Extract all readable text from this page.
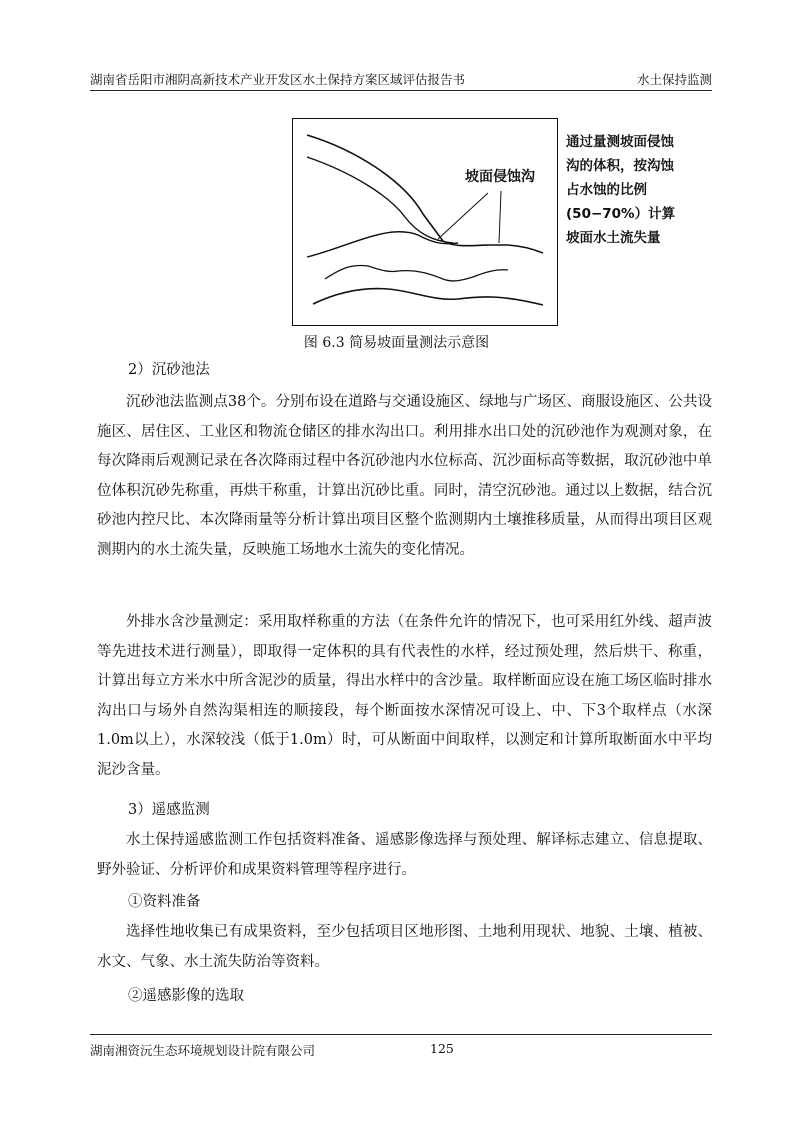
湖南省岳阳市湘阴高新技术产业开发区水土保持方案区域评估报告书	水土保持监测
坡面侵蚀沟
通过量测坡面侵蚀沟的体积，按沟蚀占水蚀的比例(50−70%）计算坡面水土流失量
图 6.3 简易坡面量测法示意图
2）沉砂池法
沉砂池法监测点38个。分别布设在道路与交通设施区、绿地与广场区、商服设施区、公共设施区、居住区、工业区和物流仓储区的排水沟出口。利用排水出口处的沉砂池作为观测对象，在每次降雨后观测记录在各次降雨过程中各沉砂池内水位标高、沉沙面标高等数据，取沉砂池中单位体积沉砂先称重，再烘干称重，计算出沉砂比重。同时，清空沉砂池。通过以上数据，结合沉砂池内控尺比、本次降雨量等分析计算出项目区整个监测期内土壤推移质量，从而得出项目区观测期内的水土流失量，反映施工场地水土流失的变化情况。
外排水含沙量测定：采用取样称重的方法（在条件允许的情况下，也可采用红外线、超声波等先进技术进行测量），即取得一定体积的具有代表性的水样，经过预处理，然后烘干、称重，计算出每立方米水中所含泥沙的质量，得出水样中的含沙量。取样断面应设在施工场区临时排水沟出口与场外自然沟渠相连的顺接段，每个断面按水深情况可设上、中、下3个取样点（水深1.0m以上），水深较浅（低于1.0m）时，可从断面中间取样，以测定和计算所取断面水中平均泥沙含量。
3）遥感监测
水土保持遥感监测工作包括资料准备、遥感影像选择与预处理、解译标志建立、信息提取、野外验证、分析评价和成果资料管理等程序进行。
①资料准备
选择性地收集已有成果资料，至少包括项目区地形图、土地利用现状、地貌、土壤、植被、水文、气象、水土流失防治等资料。
②遥感影像的选取
湖南湘资沅生态环境规划设计院有限公司	125
